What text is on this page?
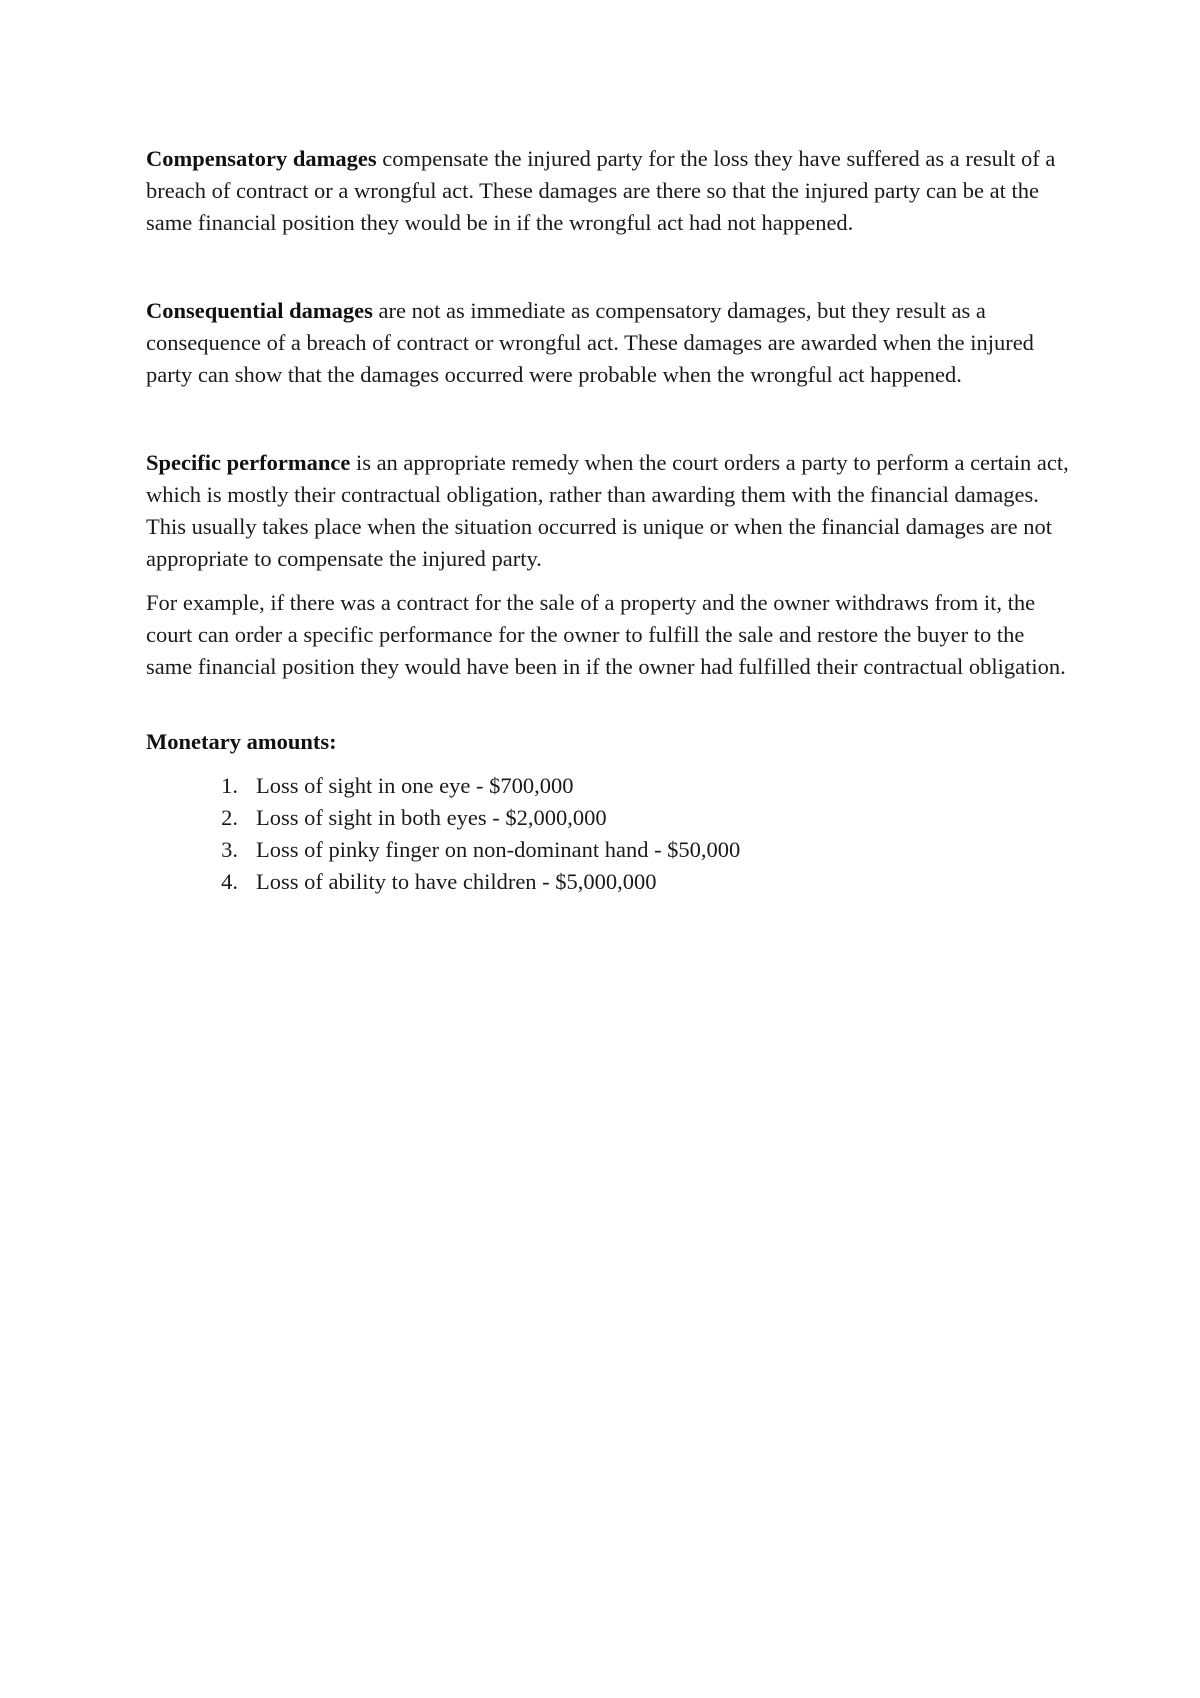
Compensatory damages compensate the injured party for the loss they have suffered as a result of a breach of contract or a wrongful act. These damages are there so that the injured party can be at the same financial position they would be in if the wrongful act had not happened.

Consequential damages are not as immediate as compensatory damages, but they result as a consequence of a breach of contract or wrongful act. These damages are awarded when the injured party can show that the damages occurred were probable when the wrongful act happened.

Specific performance is an appropriate remedy when the court orders a party to perform a certain act, which is mostly their contractual obligation, rather than awarding them with the financial damages. This usually takes place when the situation occurred is unique or when the financial damages are not appropriate to compensate the injured party.

For example, if there was a contract for the sale of a property and the owner withdraws from it, the court can order a specific performance for the owner to fulfill the sale and restore the buyer to the same financial position they would have been in if the owner had fulfilled their contractual obligation.

Monetary amounts:

1. Loss of sight in one eye - $700,000
2. Loss of sight in both eyes - $2,000,000
3. Loss of pinky finger on non-dominant hand - $50,000
4. Loss of ability to have children - $5,000,000
